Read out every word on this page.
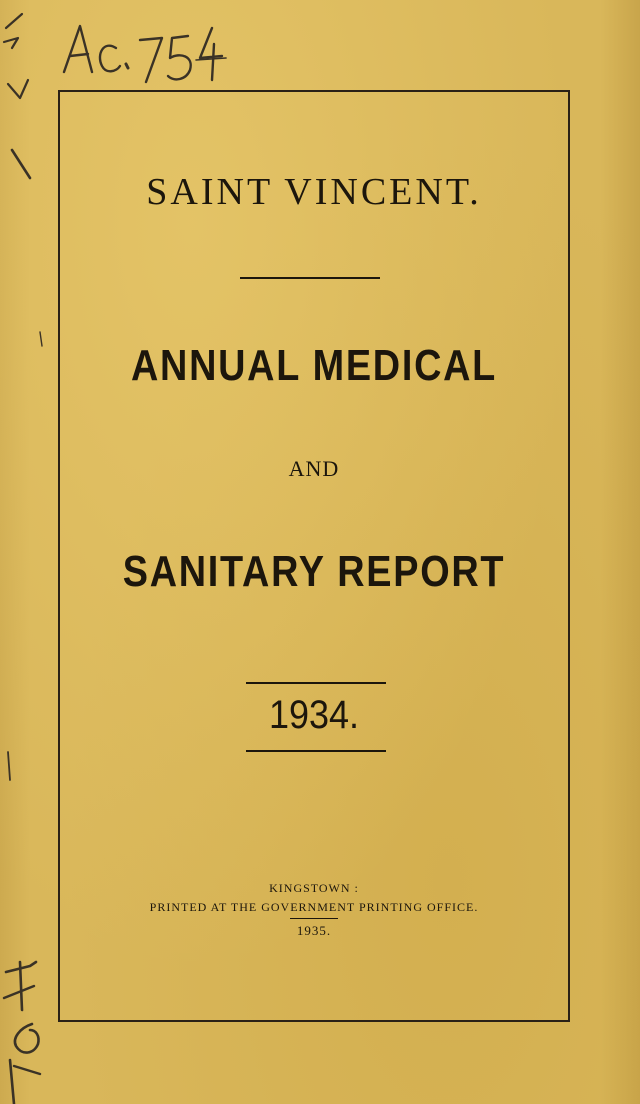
SAINT VINCENT.
ANNUAL MEDICAL
AND
SANITARY REPORT
1934.
KINGSTOWN :
PRINTED AT THE GOVERNMENT PRINTING OFFICE.
1935.
